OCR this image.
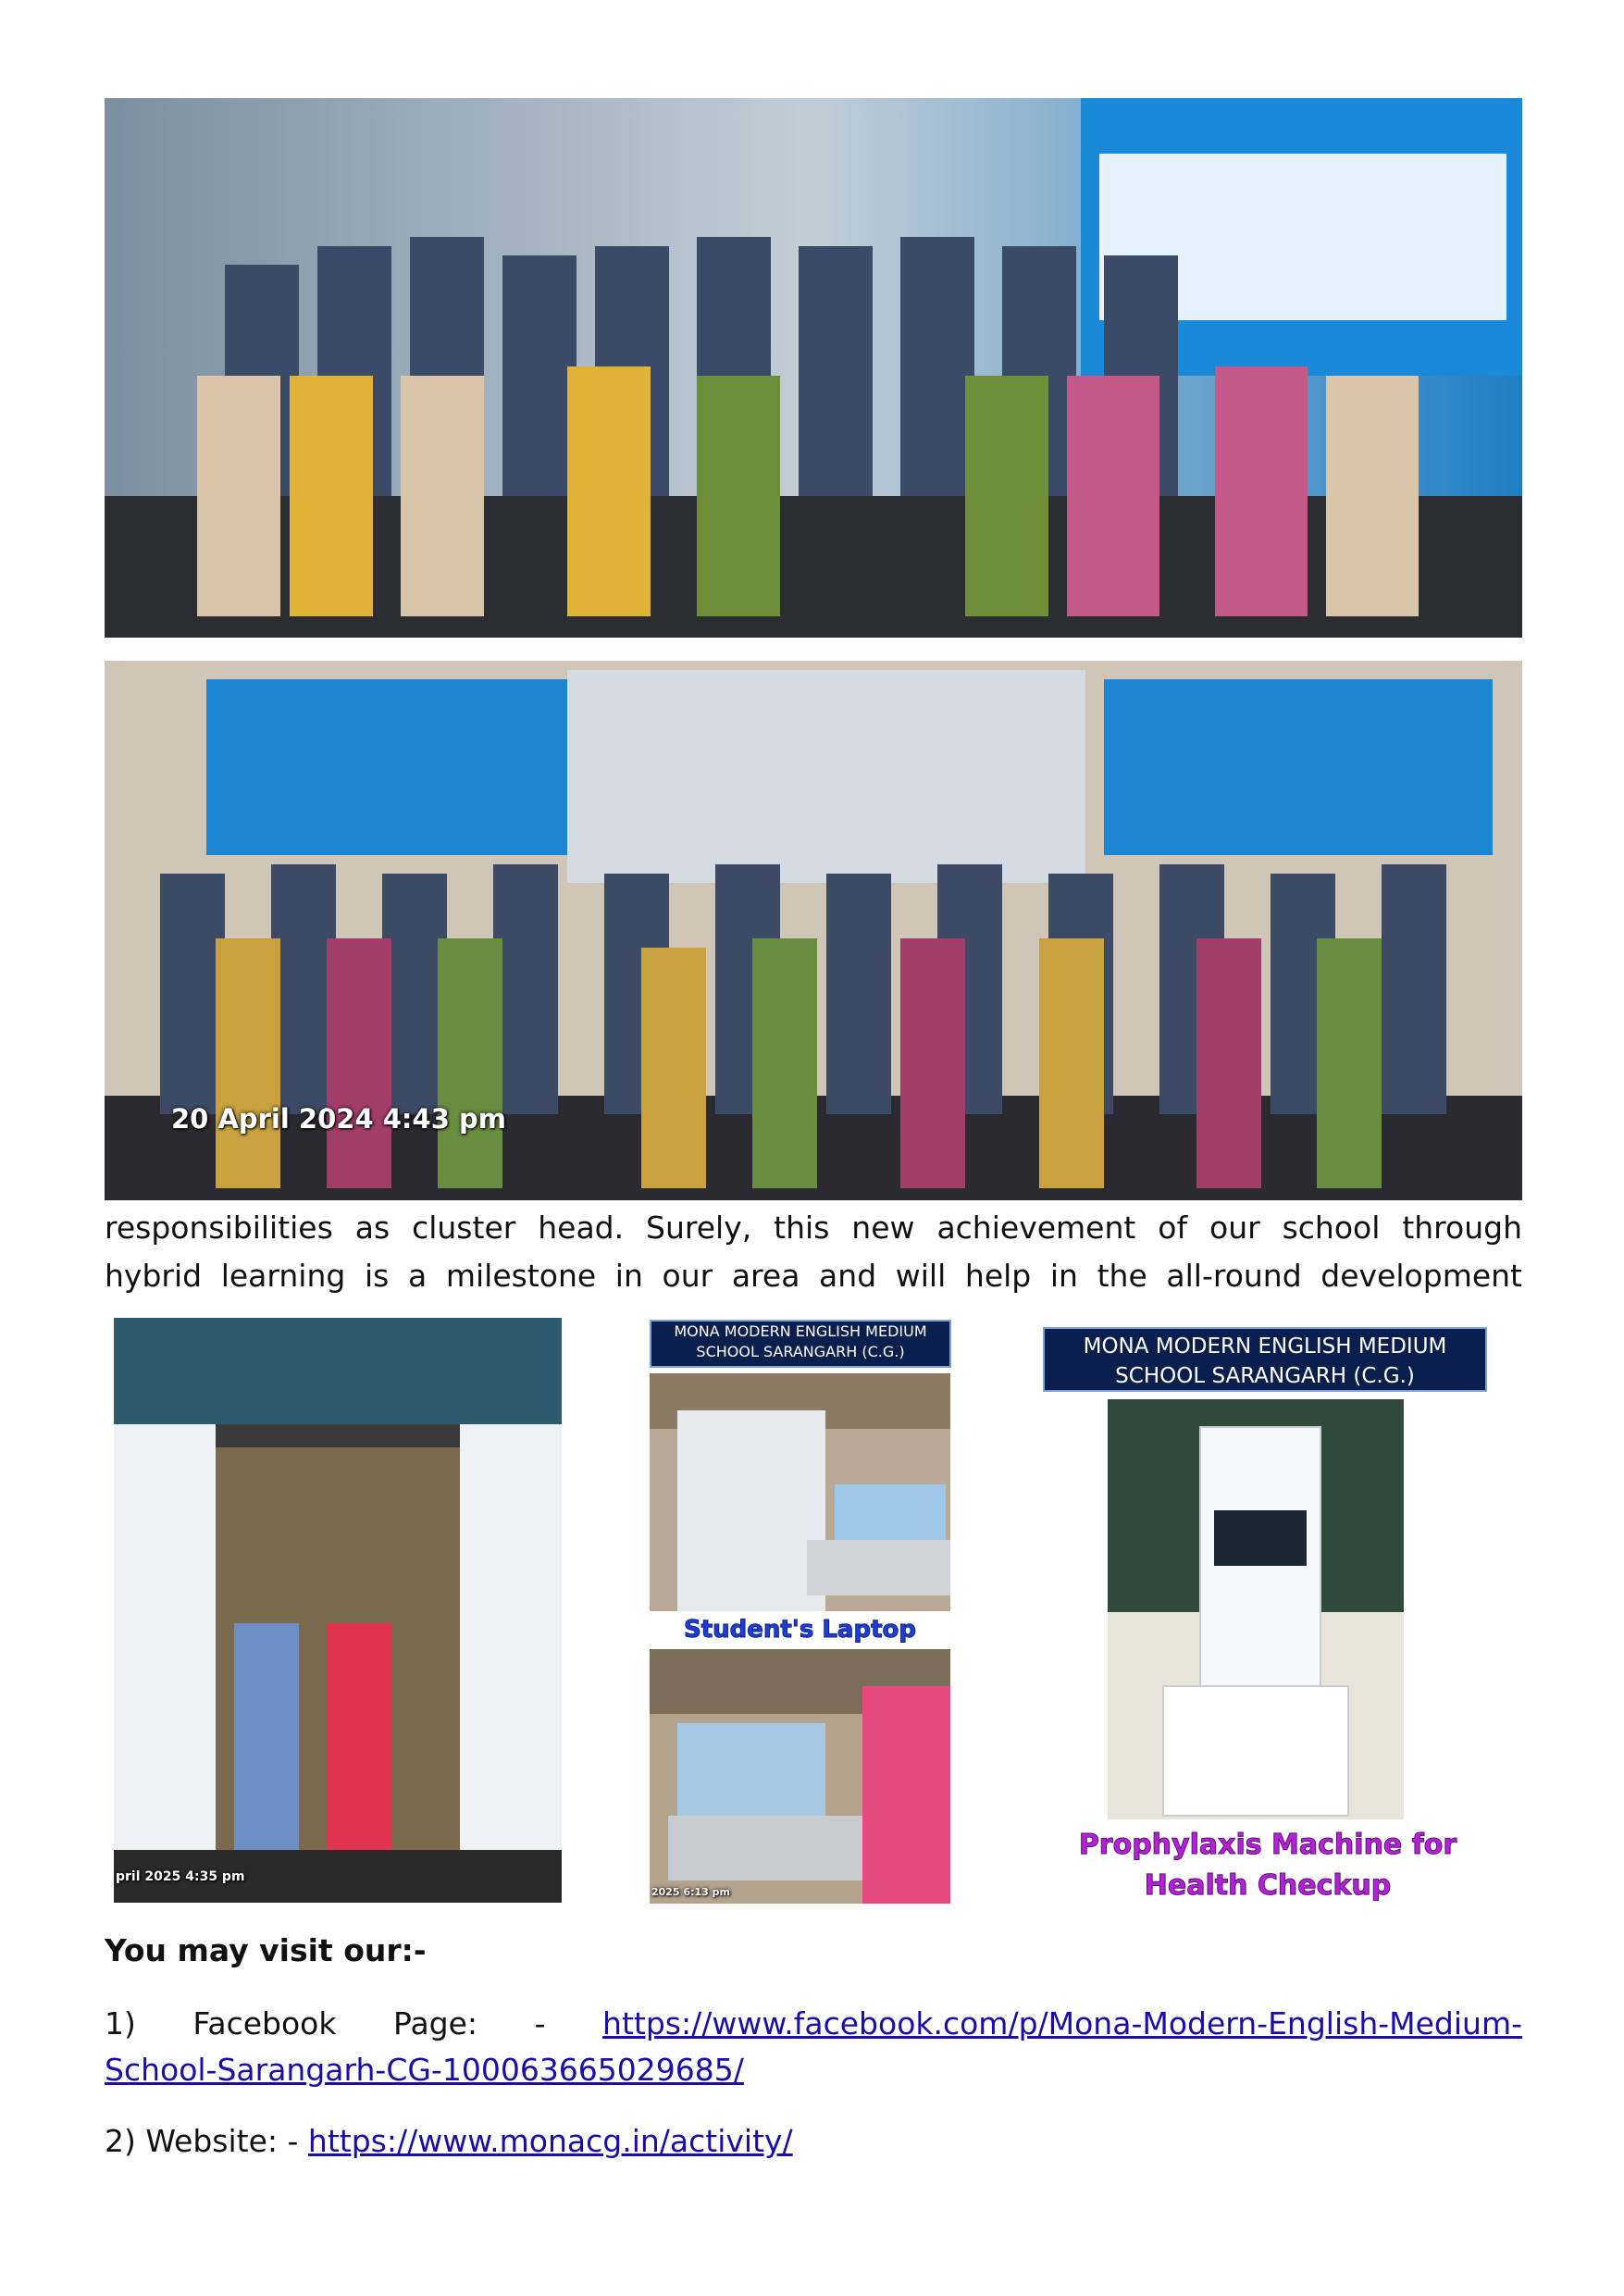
20 April 2024 4:43 pm
responsibilities as cluster head. Surely, this new achievement of our school through
hybrid learning is a milestone in our area and will help in the all-round development
pril 2025 4:35 pm
MONA MODERN ENGLISH MEDIUM
SCHOOL SARANGARH (C.G.)
Student's Laptop
2025 6:13 pm
MONA MODERN ENGLISH MEDIUM
SCHOOL SARANGARH (C.G.)
Prophylaxis Machine for
Health Checkup
You may visit our:-
1) Facebook Page: - https://www.facebook.com/p/Mona-Modern-English-Medium-
School-Sarangarh-CG-100063665029685/
2) Website: - https://www.monacg.in/activity/
